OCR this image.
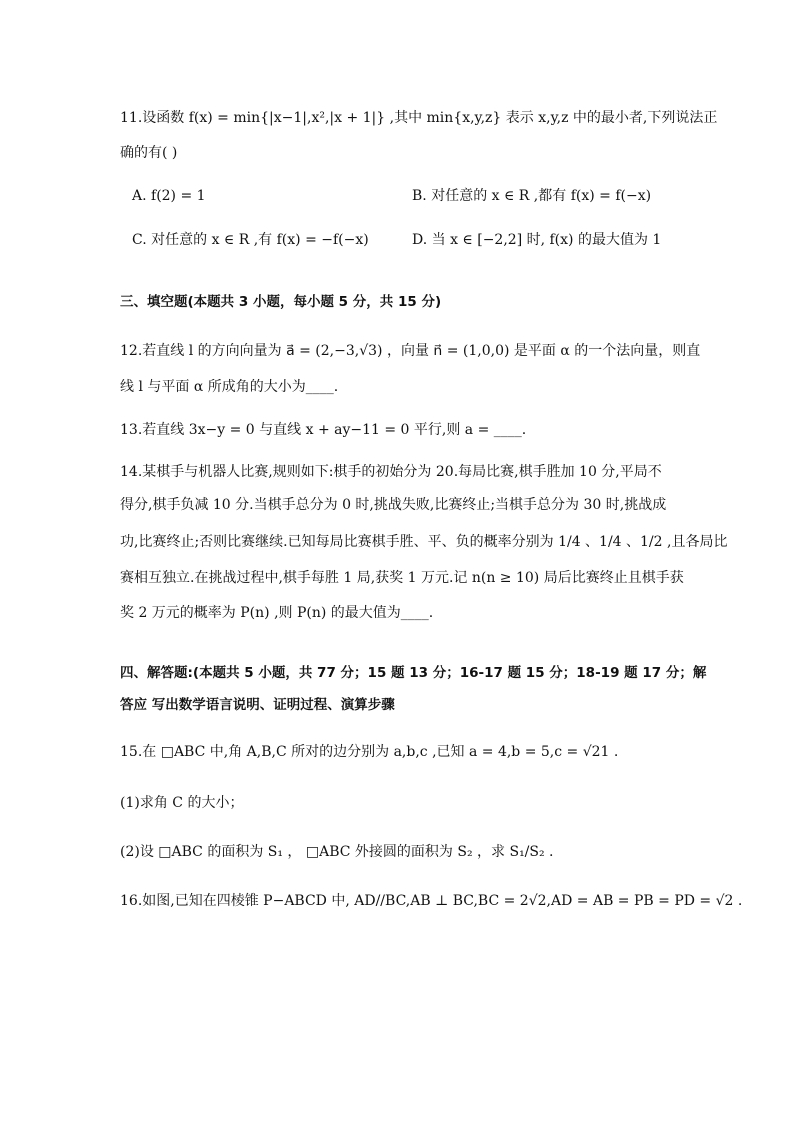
11.设函数 f(x) = min{|x−1|,x²,|x + 1|} ,其中 min{x,y,z} 表示 x,y,z 中的最小者,下列说法正
确的有( )
A. f(2) = 1	B. 对任意的 x ∈ R ,都有 f(x) = f(−x)
C. 对任意的 x ∈ R ,有 f(x) = −f(−x)	D. 当 x ∈ [−2,2] 时, f(x) 的最大值为 1
三、填空题(本题共 3 小题，每小题 5 分，共 15 分)
12.若直线 l 的方向向量为 a⃗ = (2,−3,√3) ，向量 n⃗ = (1,0,0) 是平面 α 的一个法向量，则直
线 l 与平面 α 所成角的大小为____.
13.若直线 3x−y = 0 与直线 x + ay−11 = 0 平行,则 a = ____.
14.某棋手与机器人比赛,规则如下:棋手的初始分为 20.每局比赛,棋手胜加 10 分,平局不
得分,棋手负减 10 分.当棋手总分为 0 时,挑战失败,比赛终止;当棋手总分为 30 时,挑战成
功,比赛终止;否则比赛继续.已知每局比赛棋手胜、平、负的概率分别为 1/4 、1/4 、1/2 ,且各局比
赛相互独立.在挑战过程中,棋手每胜 1 局,获奖 1 万元.记 n(n ≥ 10) 局后比赛终止且棋手获
奖 2 万元的概率为 P(n) ,则 P(n) 的最大值为____.
四、解答题:(本题共 5 小题，共 77 分；15 题 13 分；16-17 题 15 分；18-19 题 17 分；解
答应 写出数学语言说明、证明过程、演算步骤
15.在 □ABC 中,角 A,B,C 所对的边分别为 a,b,c ,已知 a = 4,b = 5,c = √21 .
(1)求角 C 的大小；
(2)设 □ABC 的面积为 S₁ ， □ABC 外接圆的面积为 S₂ ，求 S₁/S₂ .
16.如图,已知在四棱锥 P−ABCD 中, AD//BC,AB ⊥ BC,BC = 2√2,AD = AB = PB = PD = √2 .
